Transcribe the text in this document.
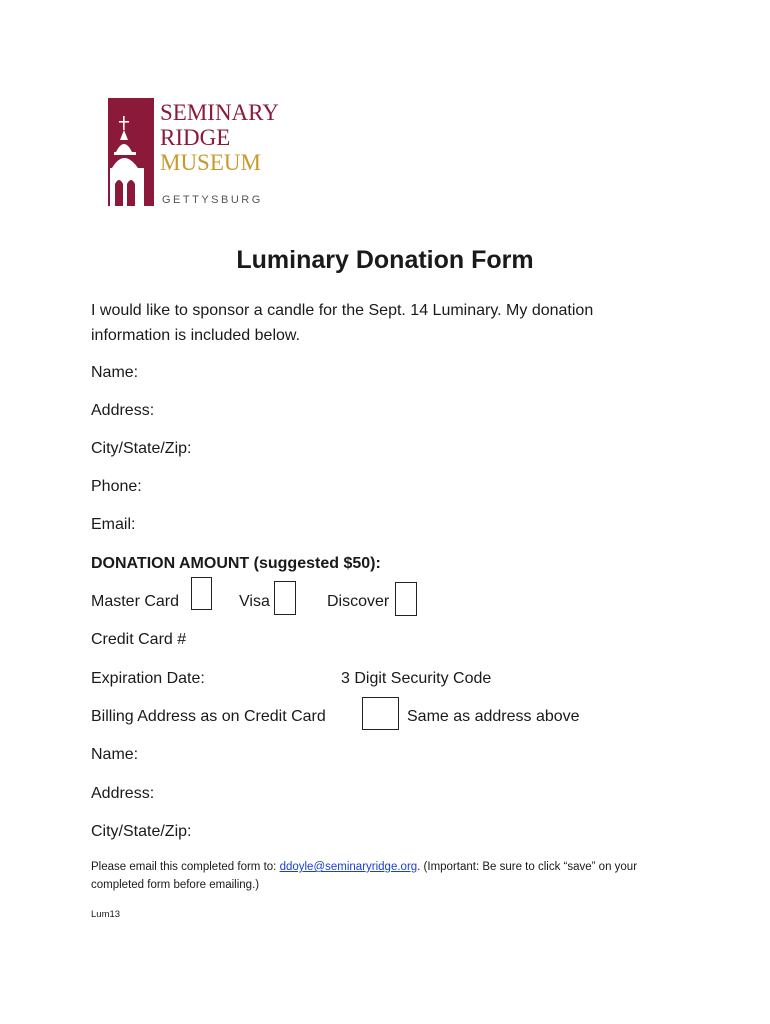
SEMINARY
RIDGE
MUSEUM
GETTYSBURG
Luminary Donation Form
I would like to sponsor a candle for the Sept. 14 Luminary. My donation information is included below.
Name:
Address:
City/State/Zip:
Phone:
Email:
DONATION AMOUNT (suggested $50):
Master Card	Visa	Discover
Credit Card #
Expiration Date:	3 Digit Security Code
Billing Address as on Credit Card	Same as address above
Name:
Address:
City/State/Zip:
Please email this completed form to: ddoyle@seminaryridge.org. (Important: Be sure to click “save” on your completed form before emailing.)
Lum13
